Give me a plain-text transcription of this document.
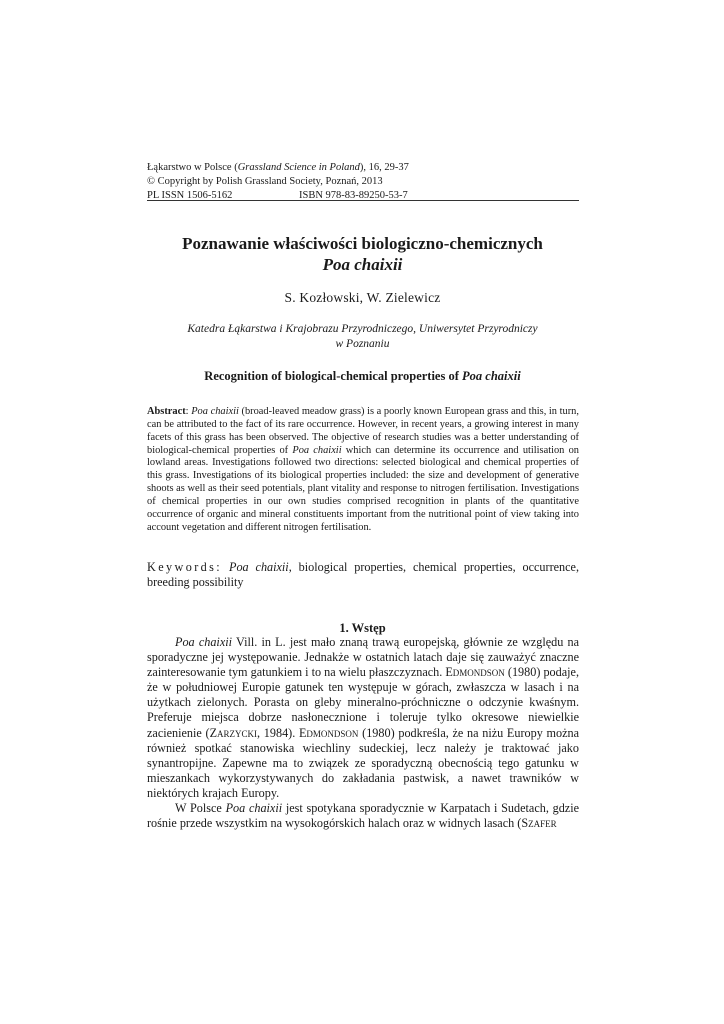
Łąkarstwo w Polsce (Grassland Science in Poland), 16, 29-37
© Copyright by Polish Grassland Society, Poznań, 2013
PL ISSN 1506-5162	ISBN 978-83-89250-53-7
Poznawanie właściwości biologiczno-chemicznych
Poa chaixii
S. Kozłowski, W. Zielewicz
Katedra Łąkarstwa i Krajobrazu Przyrodniczego, Uniwersytet Przyrodniczy
w Poznaniu
Recognition of biological-chemical properties of Poa chaixii
Abstract: Poa chaixii (broad-leaved meadow grass) is a poorly known European grass and this, in turn, can be attributed to the fact of its rare occurrence. However, in recent years, a growing interest in many facets of this grass has been observed. The objective of research studies was a better understanding of biological-chemical properties of Poa chaixii which can determine its occurrence and utilisation on lowland areas. Investigations followed two directions: selected biological and chemical properties of this grass. Investigations of its biological properties included: the size and development of generative shoots as well as their seed potentials, plant vitality and response to nitrogen fertilisation. Investigations of chemical properties in our own studies comprised recognition in plants of the quantitative occurrence of organic and mineral constituents important from the nutritional point of view taking into account vegetation and different nitrogen fertilisation.
Keywords: Poa chaixii, biological properties, chemical properties, occurrence, breeding possibility
1. Wstęp

Poa chaixii Vill. in L. jest mało znaną trawą europejską, głównie ze względu na sporadyczne jej występowanie. Jednakże w ostatnich latach daje się zauważyć znaczne zainteresowanie tym gatunkiem i to na wielu płaszczyznach. Edmondson (1980) podaje, że w południowej Europie gatunek ten występuje w górach, zwłaszcza w lasach i na użytkach zielonych. Porasta on gleby mineralno-próchniczne o odczynie kwaśnym. Preferuje miejsca dobrze nasłonecznione i toleruje tylko okresowe niewielkie zacienienie (Zarzycki, 1984). Edmondson (1980) podkreśla, że na niżu Europy można również spotkać stanowiska wiechliny sudeckiej, lecz należy je traktować jako synantropijne. Zapewne ma to związek ze sporadyczną obecnością tego gatunku w mieszankach wykorzystywanych do zakładania pastwisk, a nawet trawników w niektórych krajach Europy.

W Polsce Poa chaixii jest spotykana sporadycznie w Karpatach i Sudetach, gdzie rośnie przede wszystkim na wysokogórskich halach oraz w widnych lasach (Szafer
